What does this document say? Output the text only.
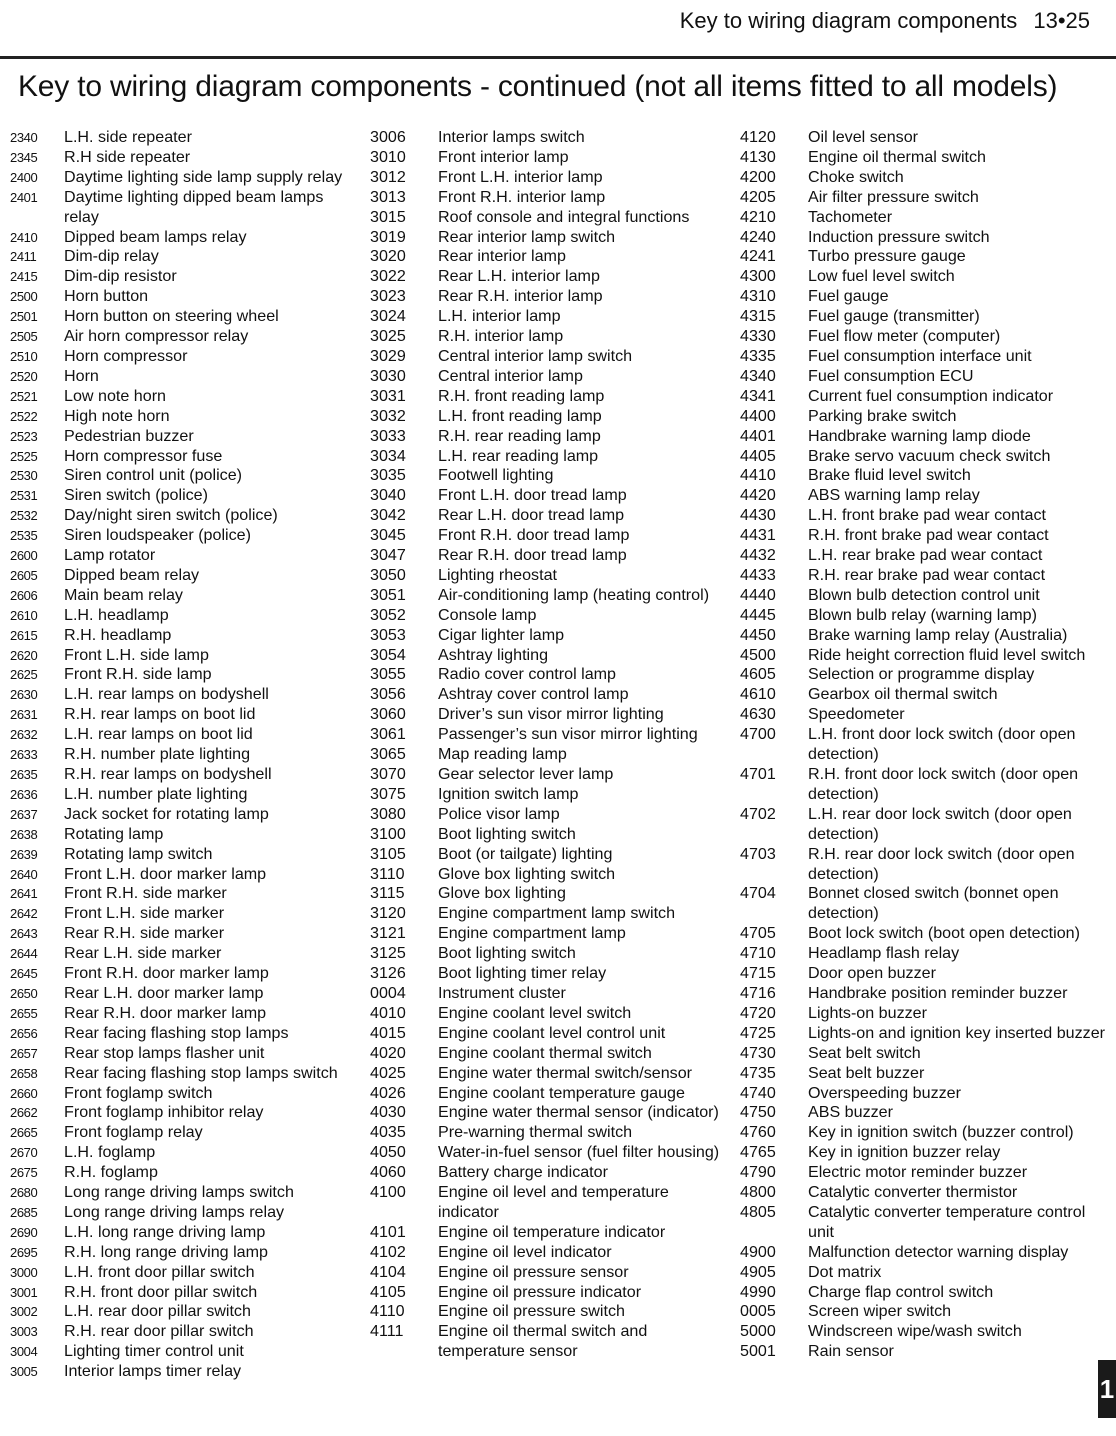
Key to wiring diagram components 13•25
Key to wiring diagram components - continued (not all items fitted to all models)
2340	L.H. side repeater
2345	R.H side repeater
2400	Daytime lighting side lamp supply relay
2401	Daytime lighting dipped beam lamps relay
2410	Dipped beam lamps relay
2411	Dim-dip relay
2415	Dim-dip resistor
2500	Horn button
2501	Horn button on steering wheel
2505	Air horn compressor relay
2510	Horn compressor
2520	Horn
2521	Low note horn
2522	High note horn
2523	Pedestrian buzzer
2525	Horn compressor fuse
2530	Siren control unit (police)
2531	Siren switch (police)
2532	Day/night siren switch (police)
2535	Siren loudspeaker (police)
2600	Lamp rotator
2605	Dipped beam relay
2606	Main beam relay
2610	L.H. headlamp
2615	R.H. headlamp
2620	Front L.H. side lamp
2625	Front R.H. side lamp
2630	L.H. rear lamps on bodyshell
2631	R.H. rear lamps on boot lid
2632	L.H. rear lamps on boot lid
2633	R.H. number plate lighting
2635	R.H. rear lamps on bodyshell
2636	L.H. number plate lighting
2637	Jack socket for rotating lamp
2638	Rotating lamp
2639	Rotating lamp switch
2640	Front L.H. door marker lamp
2641	Front R.H. side marker
2642	Front L.H. side marker
2643	Rear R.H. side marker
2644	Rear L.H. side marker
2645	Front R.H. door marker lamp
2650	Rear L.H. door marker lamp
2655	Rear R.H. door marker lamp
2656	Rear facing flashing stop lamps
2657	Rear stop lamps flasher unit
2658	Rear facing flashing stop lamps switch
2660	Front foglamp switch
2662	Front foglamp inhibitor relay
2665	Front foglamp relay
2670	L.H. foglamp
2675	R.H. foglamp
2680	Long range driving lamps switch
2685	Long range driving lamps relay
2690	L.H. long range driving lamp
2695	R.H. long range driving lamp
3000	L.H. front door pillar switch
3001	R.H. front door pillar switch
3002	L.H. rear door pillar switch
3003	R.H. rear door pillar switch
3004	Lighting timer control unit
3005	Interior lamps timer relay
3006	Interior lamps switch
3010	Front interior lamp
3012	Front L.H. interior lamp
3013	Front R.H. interior lamp
3015	Roof console and integral functions
3019	Rear interior lamp switch
3020	Rear interior lamp
3022	Rear L.H. interior lamp
3023	Rear R.H. interior lamp
3024	L.H. interior lamp
3025	R.H. interior lamp
3029	Central interior lamp switch
3030	Central interior lamp
3031	R.H. front reading lamp
3032	L.H. front reading lamp
3033	R.H. rear reading lamp
3034	L.H. rear reading lamp
3035	Footwell lighting
3040	Front L.H. door tread lamp
3042	Rear L.H. door tread lamp
3045	Front R.H. door tread lamp
3047	Rear R.H. door tread lamp
3050	Lighting rheostat
3051	Air-conditioning lamp (heating control)
3052	Console lamp
3053	Cigar lighter lamp
3054	Ashtray lighting
3055	Radio cover control lamp
3056	Ashtray cover control lamp
3060	Driver’s sun visor mirror lighting
3061	Passenger’s sun visor mirror lighting
3065	Map reading lamp
3070	Gear selector lever lamp
3075	Ignition switch lamp
3080	Police visor lamp
3100	Boot lighting switch
3105	Boot (or tailgate) lighting
3110	Glove box lighting switch
3115	Glove box lighting
3120	Engine compartment lamp switch
3121	Engine compartment lamp
3125	Boot lighting switch
3126	Boot lighting timer relay
0004	Instrument cluster
4010	Engine coolant level switch
4015	Engine coolant level control unit
4020	Engine coolant thermal switch
4025	Engine water thermal switch/sensor
4026	Engine coolant temperature gauge
4030	Engine water thermal sensor (indicator)
4035	Pre-warning thermal switch
4050	Water-in-fuel sensor (fuel filter housing)
4060	Battery charge indicator
4100	Engine oil level and temperature indicator
4101	Engine oil temperature indicator
4102	Engine oil level indicator
4104	Engine oil pressure sensor
4105	Engine oil pressure indicator
4110	Engine oil pressure switch
4111	Engine oil thermal switch and temperature sensor
4120	Oil level sensor
4130	Engine oil thermal switch
4200	Choke switch
4205	Air filter pressure switch
4210	Tachometer
4240	Induction pressure switch
4241	Turbo pressure gauge
4300	Low fuel level switch
4310	Fuel gauge
4315	Fuel gauge (transmitter)
4330	Fuel flow meter (computer)
4335	Fuel consumption interface unit
4340	Fuel consumption ECU
4341	Current fuel consumption indicator
4400	Parking brake switch
4401	Handbrake warning lamp diode
4405	Brake servo vacuum check switch
4410	Brake fluid level switch
4420	ABS warning lamp relay
4430	L.H. front brake pad wear contact
4431	R.H. front brake pad wear contact
4432	L.H. rear brake pad wear contact
4433	R.H. rear brake pad wear contact
4440	Blown bulb detection control unit
4445	Blown bulb relay (warning lamp)
4450	Brake warning lamp relay (Australia)
4500	Ride height correction fluid level switch
4605	Selection or programme display
4610	Gearbox oil thermal switch
4630	Speedometer
4700	L.H. front door lock switch (door open detection)
4701	R.H. front door lock switch (door open detection)
4702	L.H. rear door lock switch (door open detection)
4703	R.H. rear door lock switch (door open detection)
4704	Bonnet closed switch (bonnet open detection)
4705	Boot lock switch (boot open detection)
4710	Headlamp flash relay
4715	Door open buzzer
4716	Handbrake position reminder buzzer
4720	Lights-on buzzer
4725	Lights-on and ignition key inserted buzzer
4730	Seat belt switch
4735	Seat belt buzzer
4740	Overspeeding buzzer
4750	ABS buzzer
4760	Key in ignition switch (buzzer control)
4765	Key in ignition buzzer relay
4790	Electric motor reminder buzzer
4800	Catalytic converter thermistor
4805	Catalytic converter temperature control unit
4900	Malfunction detector warning display
4905	Dot matrix
4990	Charge flap control switch
0005	Screen wiper switch
5000	Windscreen wipe/wash switch
5001	Rain sensor
1
